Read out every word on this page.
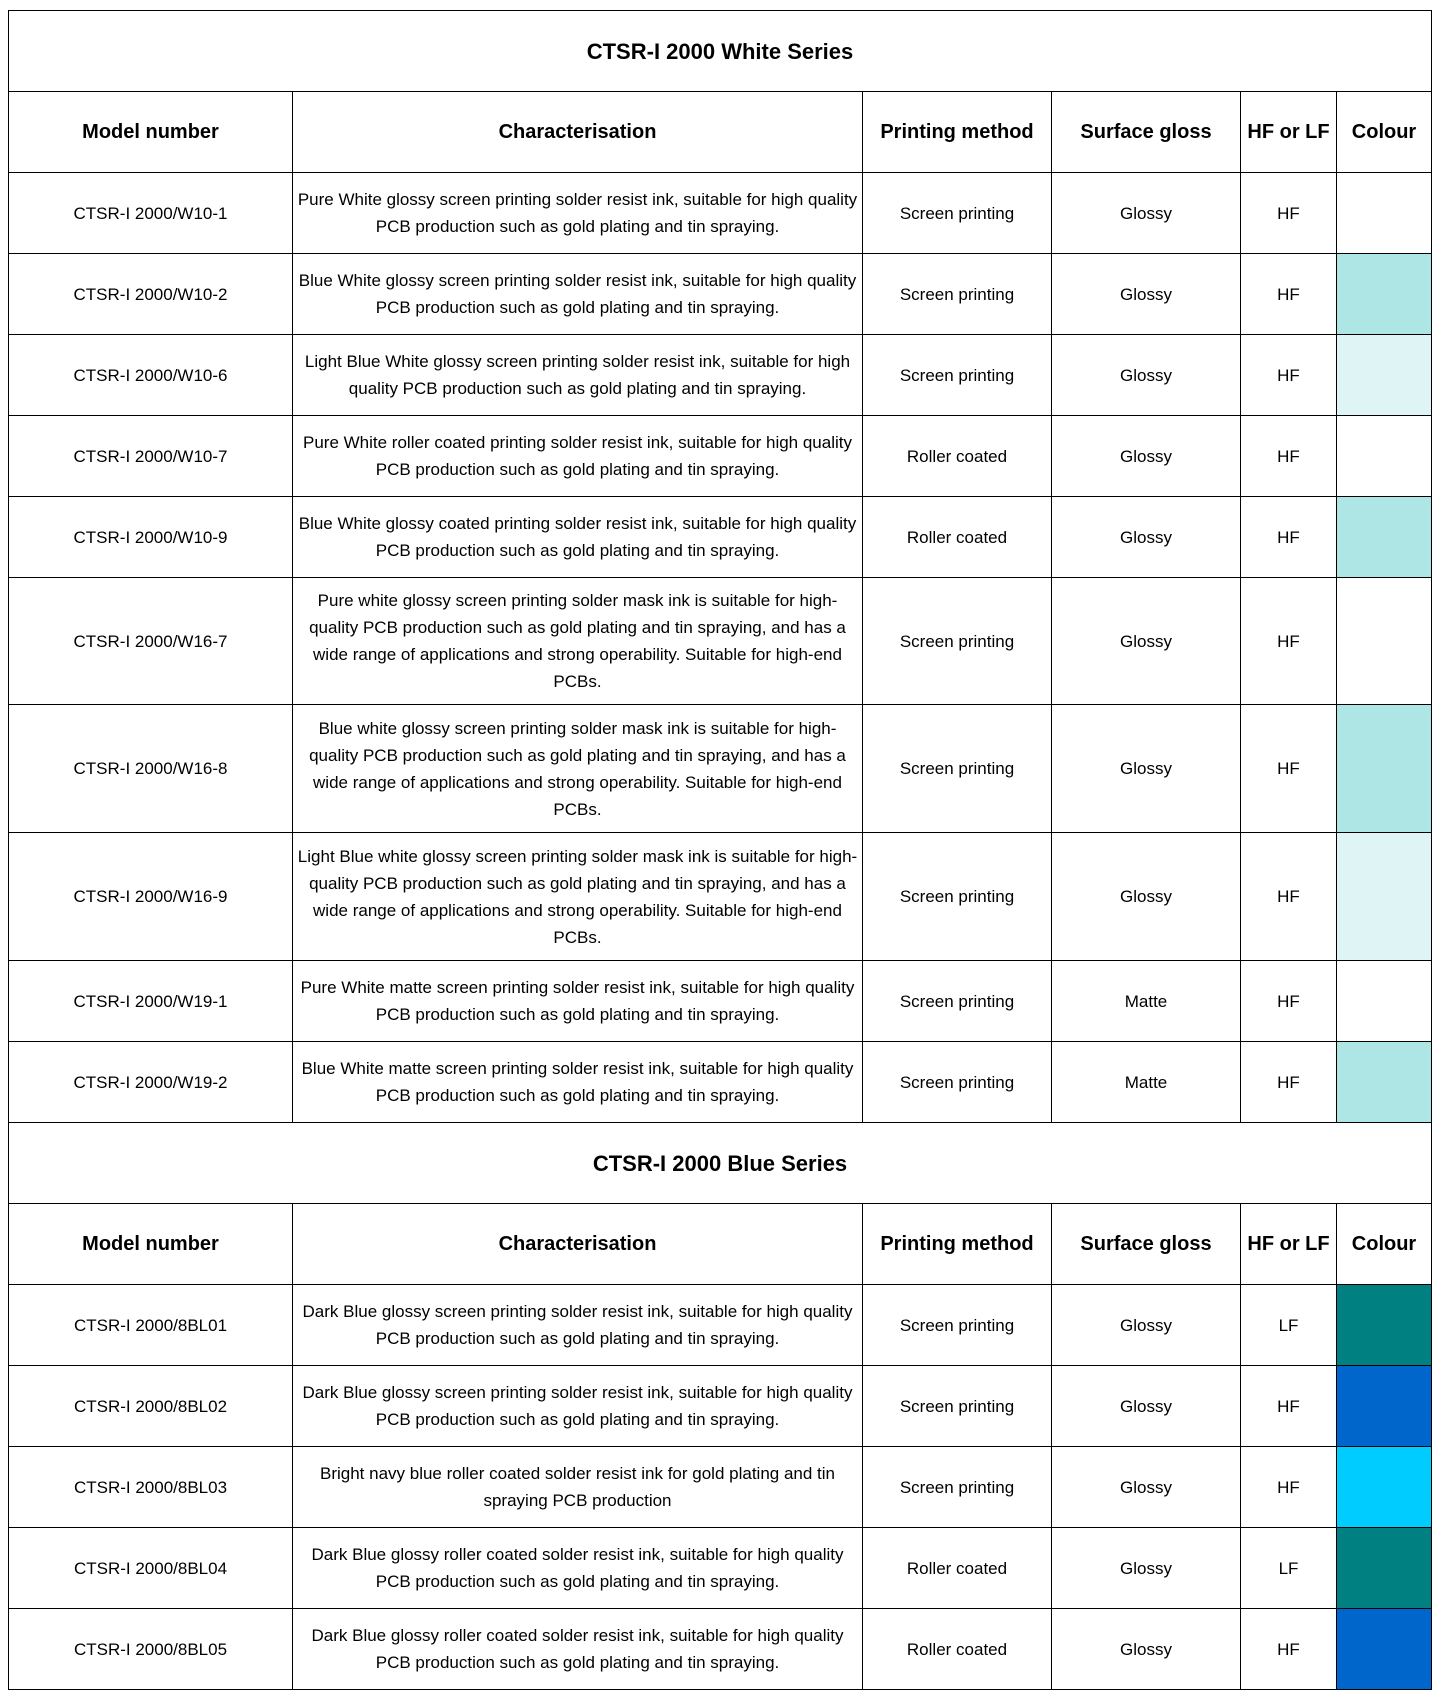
CTSR-I 2000 White Series					
Model number	Characterisation	Printing method	Surface gloss	HF or LF	Colour
CTSR-I 2000/W10-1	Pure White glossy screen printing solder resist ink, suitable for high quality PCB production such as gold plating and tin spraying.	Screen printing	Glossy	HF	
CTSR-I 2000/W10-2	Blue White glossy screen printing solder resist ink, suitable for high quality PCB production such as gold plating and tin spraying.	Screen printing	Glossy	HF	
CTSR-I 2000/W10-6	Light Blue White glossy screen printing solder resist ink, suitable for high quality PCB production such as gold plating and tin spraying.	Screen printing	Glossy	HF	
CTSR-I 2000/W10-7	Pure White roller coated printing solder resist ink, suitable for high quality PCB production such as gold plating and tin spraying.	Roller coated	Glossy	HF	
CTSR-I 2000/W10-9	Blue White glossy coated printing solder resist ink, suitable for high quality PCB production such as gold plating and tin spraying.	Roller coated	Glossy	HF	
CTSR-I 2000/W16-7	Pure white glossy screen printing solder mask ink is suitable for high-quality PCB production such as gold plating and tin spraying, and has a wide range of applications and strong operability. Suitable for high-end PCBs.	Screen printing	Glossy	HF	
CTSR-I 2000/W16-8	Blue white glossy screen printing solder mask ink is suitable for high-quality PCB production such as gold plating and tin spraying, and has a wide range of applications and strong operability. Suitable for high-end PCBs.	Screen printing	Glossy	HF	
CTSR-I 2000/W16-9	Light Blue white glossy screen printing solder mask ink is suitable for high-quality PCB production such as gold plating and tin spraying, and has a wide range of applications and strong operability. Suitable for high-end PCBs.	Screen printing	Glossy	HF	
CTSR-I 2000/W19-1	Pure White matte screen printing solder resist ink, suitable for high quality PCB production such as gold plating and tin spraying.	Screen printing	Matte	HF	
CTSR-I 2000/W19-2	Blue White matte screen printing solder resist ink, suitable for high quality PCB production such as gold plating and tin spraying.	Screen printing	Matte	HF	
CTSR-I 2000 Blue Series					
Model number	Characterisation	Printing method	Surface gloss	HF or LF	Colour
CTSR-I 2000/8BL01	Dark Blue glossy screen printing solder resist ink, suitable for high quality PCB production such as gold plating and tin spraying.	Screen printing	Glossy	LF	
CTSR-I 2000/8BL02	Dark Blue glossy screen printing solder resist ink, suitable for high quality PCB production such as gold plating and tin spraying.	Screen printing	Glossy	HF	
CTSR-I 2000/8BL03	Bright navy blue roller coated solder resist ink for gold plating and tin spraying PCB production	Screen printing	Glossy	HF	
CTSR-I 2000/8BL04	Dark Blue glossy roller coated solder resist ink, suitable for high quality PCB production such as gold plating and tin spraying.	Roller coated	Glossy	LF	
CTSR-I 2000/8BL05	Dark Blue glossy roller coated solder resist ink, suitable for high quality PCB production such as gold plating and tin spraying.	Roller coated	Glossy	HF	
